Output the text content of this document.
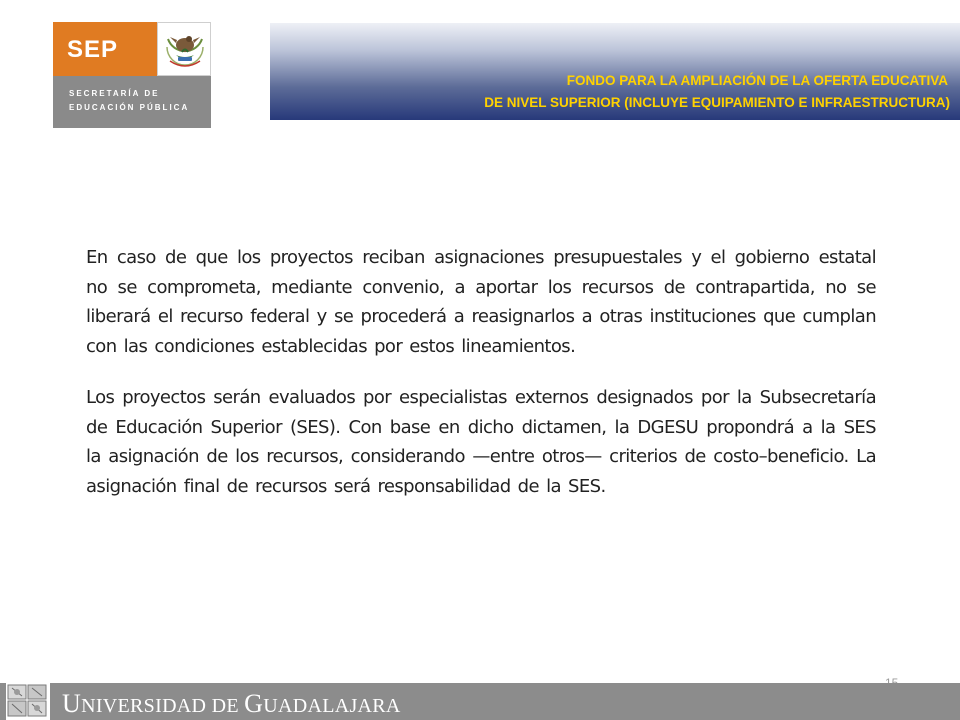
SEP
SECRETARÍA DE
EDUCACIÓN PÚBLICA
FONDO PARA LA AMPLIACIÓN DE LA OFERTA EDUCATIVA
DE NIVEL SUPERIOR (INCLUYE EQUIPAMIENTO E INFRAESTRUCTURA)

En caso de que los proyectos reciban asignaciones presupuestales y el gobierno estatal no se comprometa, mediante convenio, a aportar los recursos de contrapartida, no se liberará el recurso federal y se procederá a reasignarlos a otras instituciones que cumplan con las condiciones establecidas por estos lineamientos.

Los proyectos serán evaluados por especialistas externos designados por la Subsecretaría de Educación Superior (SES). Con base en dicho dictamen, la DGESU propondrá a la SES la asignación de los recursos, considerando —entre otros— criterios de costo–beneficio. La asignación final de recursos será responsabilidad de la SES.

UNIVERSIDAD DE GUADALAJARA
